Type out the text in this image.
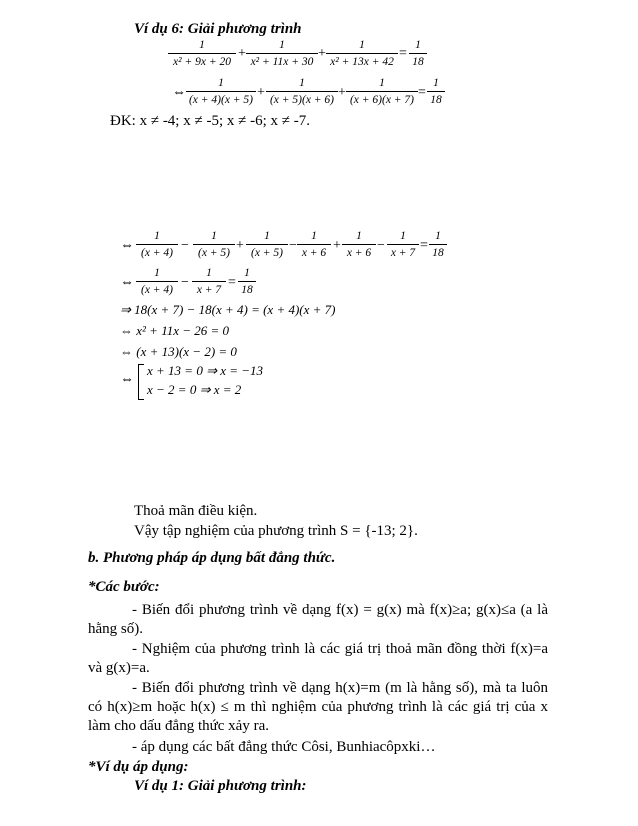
Ví dụ 6: Giải phương trình
1
x² + 9x + 20
+
1
x² + 11x + 30
+
1
x² + 13x + 42
=
1
18
⇔
1
(x + 4)(x + 5) +
1
(x + 5)(x + 6) +
1
(x + 6)(x + 7) =
1
18
ĐK: x ≠ -4; x ≠ -5; x ≠ -6; x ≠ -7.
⇔
1
(x + 4) −
1
(x + 5) +
1
(x + 5) −
1
x + 6 +
1
x + 6 −
1
x + 7 =
1
18
⇔
1
(x + 4) −
1
x + 7 =
1
18
⇒ 18(x + 7) − 18(x + 4) = (x + 4)(x + 7)
⇔ x² + 11x − 26 = 0
⇔ (x + 13)(x − 2) = 0
⇔
x + 13 = 0 ⇒ x = −13
x − 2 = 0 ⇒ x = 2
Thoả mãn điều kiện.
Vậy tập nghiệm của phương trình S = {-13; 2}.
b. Phương pháp áp dụng bất đẳng thức.
*Các bước:
- Biến đổi phương trình về dạng f(x) = g(x) mà f(x)≥a; g(x)≤a (a là hằng số).
- Nghiệm của phương trình là các giá trị thoả mãn đồng thời f(x)=a và g(x)=a.
- Biến đổi phương trình về dạng h(x)=m (m là hằng số), mà ta luôn có h(x)≥m hoặc h(x) ≤ m thì nghiệm của phương trình là các giá trị của x làm cho dấu đẳng thức xảy ra.
- áp dụng các bất đẳng thức Côsi, Bunhiacôpxki…
*Ví dụ áp dụng:
Ví dụ 1: Giải phương trình:
